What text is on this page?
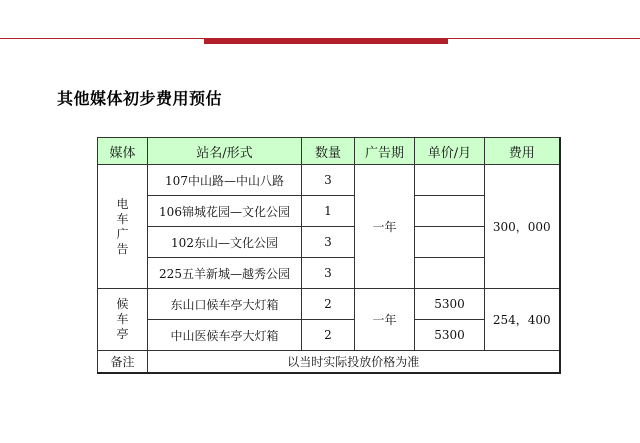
其他媒体初步费用预估
媒体	站名/形式	数量	广告期	单价/月	费用
电车广告	107中山路—中山八路	3	一年		300，000
	106锦城花园—文化公园	1			
	102东山—文化公园	3			
	225五羊新城—越秀公园	3			
候车亭	东山口候车亭大灯箱	2	一年	5300	254，400
	中山医候车亭大灯箱	2		5300	
备注	以当时实际投放价格为准				
